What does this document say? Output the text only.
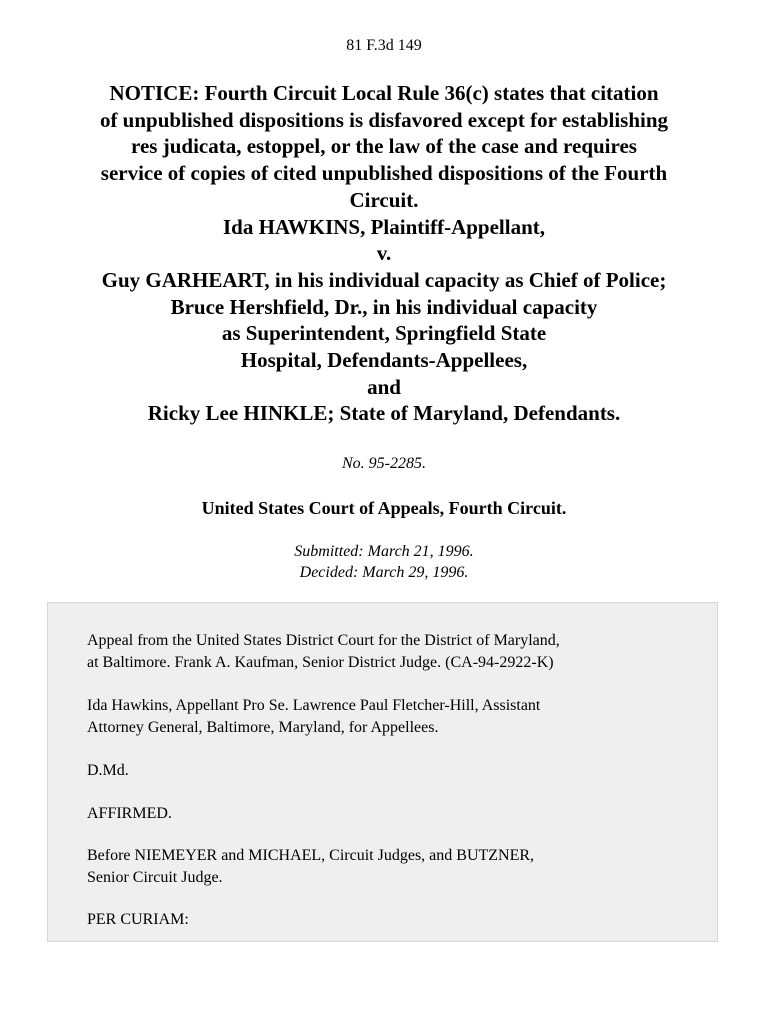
81 F.3d 149
NOTICE: Fourth Circuit Local Rule 36(c) states that citation
of unpublished dispositions is disfavored except for establishing
res judicata, estoppel, or the law of the case and requires
service of copies of cited unpublished dispositions of the Fourth
Circuit.
Ida HAWKINS, Plaintiff-Appellant,
v.
Guy GARHEART, in his individual capacity as Chief of Police;
Bruce Hershfield, Dr., in his individual capacity
as Superintendent, Springfield State
Hospital, Defendants-Appellees,
and
Ricky Lee HINKLE; State of Maryland, Defendants.
No. 95-2285.
United States Court of Appeals, Fourth Circuit.
Submitted: March 21, 1996.
Decided: March 29, 1996.

Appeal from the United States District Court for the District of Maryland,
at Baltimore. Frank A. Kaufman, Senior District Judge. (CA-94-2922-K)

Ida Hawkins, Appellant Pro Se. Lawrence Paul Fletcher-Hill, Assistant
Attorney General, Baltimore, Maryland, for Appellees.

D.Md.

AFFIRMED.

Before NIEMEYER and MICHAEL, Circuit Judges, and BUTZNER,
Senior Circuit Judge.

PER CURIAM:
